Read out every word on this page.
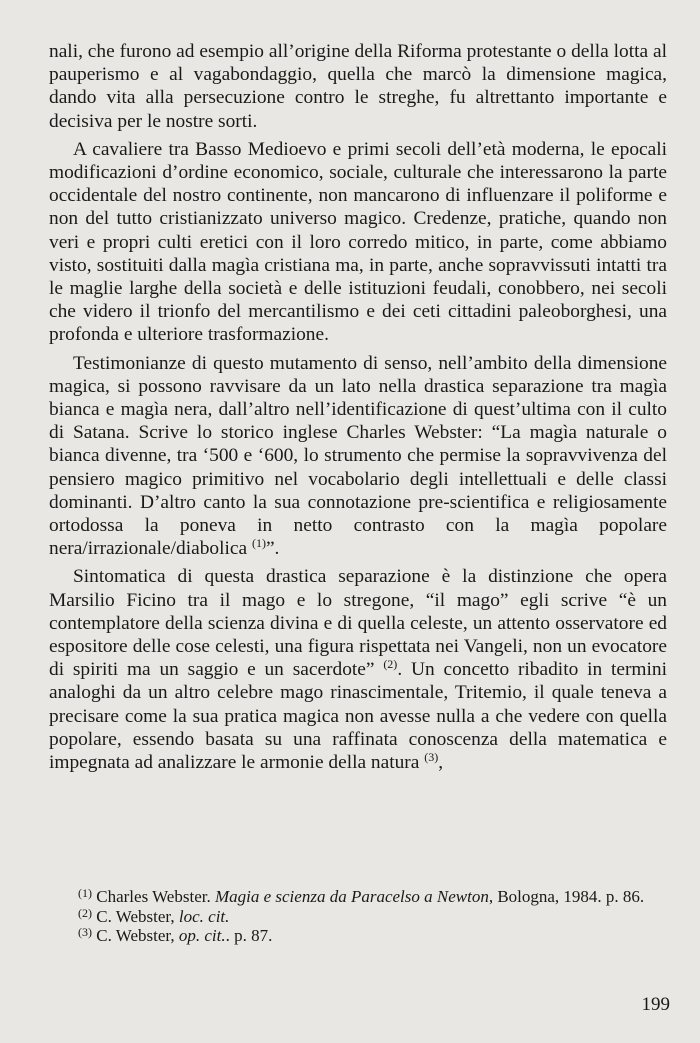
nali, che furono ad esempio all’origine della Riforma protestante o della lotta al pauperismo e al vagabondaggio, quella che marcò la dimensione magica, dando vita alla persecuzione contro le streghe, fu altrettanto importante e decisiva per le nostre sorti.

A cavaliere tra Basso Medioevo e primi secoli dell’età moderna, le epocali modificazioni d’ordine economico, sociale, culturale che interessarono la parte occidentale del nostro continente, non mancarono di influenzare il poliforme e non del tutto cristianizzato universo magico. Credenze, pratiche, quando non veri e propri culti eretici con il loro corredo mitico, in parte, come abbiamo visto, sostituiti dalla magìa cristiana ma, in parte, anche sopravvissuti intatti tra le maglie larghe della società e delle istituzioni feudali, conobbero, nei secoli che videro il trionfo del mercantilismo e dei ceti cittadini paleoborghesi, una profonda e ulteriore trasformazione.

Testimonianze di questo mutamento di senso, nell’ambito della dimensione magica, si possono ravvisare da un lato nella drastica separazione tra magìa bianca e magìa nera, dall’altro nell’identificazione di quest’ultima con il culto di Satana. Scrive lo storico inglese Charles Webster: “La magìa naturale o bianca divenne, tra ‘500 e ‘600, lo strumento che permise la sopravvivenza del pensiero magico primitivo nel vocabolario degli intellettuali e delle classi dominanti. D’altro canto la sua connotazione pre-scientifica e religiosamente ortodossa la poneva in netto contrasto con la magìa popolare nera/irrazionale/diabolica $^{(1)}$”.

Sintomatica di questa drastica separazione è la distinzione che opera Marsilio Ficino tra il mago e lo stregone, “il mago” egli scrive “è un contemplatore della scienza divina e di quella celeste, un attento osservatore ed espositore delle cose celesti, una figura rispettata nei Vangeli, non un evocatore di spiriti ma un saggio e un sacerdote” $^{(2)}$. Un concetto ribadito in termini analoghi da un altro celebre mago rinascimentale, Tritemio, il quale teneva a precisare come la sua pratica magica non avesse nulla a che vedere con quella popolare, essendo basata su una raffinata conoscenza della matematica e impegnata ad analizzare le armonie della natura $^{(3)}$,

$^{(1)}$ Charles Webster. Magia e scienza da Paracelso a Newton, Bologna, 1984. p. 86.

$^{(2)}$ C. Webster, loc. cit.

$^{(3)}$ C. Webster, op. cit.. p. 87.

199
